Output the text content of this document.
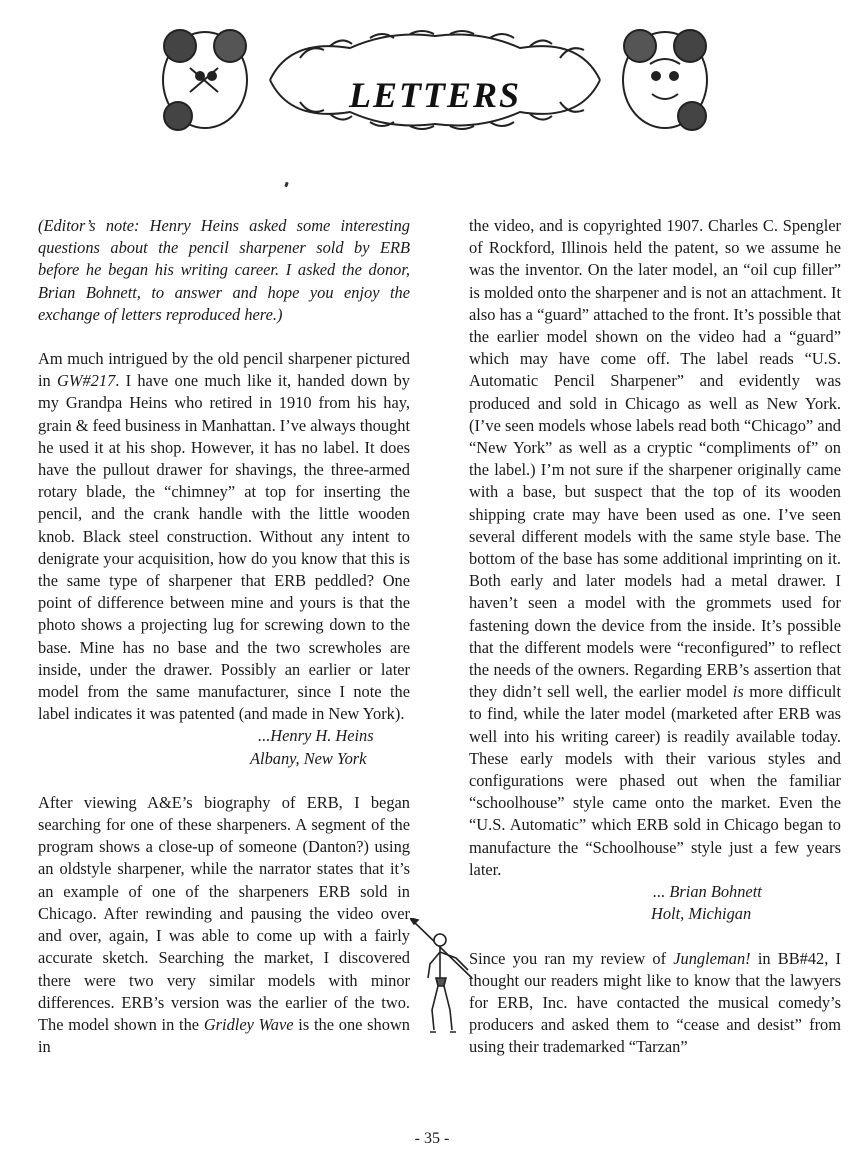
LETTERS

(Editor’s note: Henry Heins asked some interesting questions about the pencil sharpener sold by ERB before he began his writing career. I asked the donor, Brian Bohnett, to answer and hope you enjoy the exchange of letters reproduced here.)

Am much intrigued by the old pencil sharpener pictured in GW#217. I have one much like it, handed down by my Grandpa Heins who retired in 1910 from his hay, grain & feed business in Manhattan. I’ve always thought he used it at his shop. However, it has no label. It does have the pullout drawer for shavings, the three-armed rotary blade, the “chimney” at top for inserting the pencil, and the crank handle with the little wooden knob. Black steel construction. Without any intent to denigrate your acquisition, how do you know that this is the same type of sharpener that ERB peddled? One point of difference between mine and yours is that the photo shows a projecting lug for screwing down to the base. Mine has no base and the two screwholes are inside, under the drawer. Possibly an earlier or later model from the same manufacturer, since I note the label indicates it was patented (and made in New York).

...Henry H. Heins

Albany, New York

After viewing A&E’s biography of ERB, I began searching for one of these sharpeners. A segment of the program shows a close-up of someone (Danton?) using an oldstyle sharpener, while the narrator states that it’s an example of one of the sharpeners ERB sold in Chicago. After rewinding and pausing the video over and over, again, I was able to come up with a fairly accurate sketch. Searching the market, I discovered there were two very similar models with minor differences. ERB’s version was the earlier of the two. The model shown in the Gridley Wave is the one shown in

the video, and is copyrighted 1907. Charles C. Spengler of Rockford, Illinois held the patent, so we assume he was the inventor. On the later model, an “oil cup filler” is molded onto the sharpener and is not an attachment. It also has a “guard” attached to the front. It’s possible that the earlier model shown on the video had a “guard” which may have come off. The label reads “U.S. Automatic Pencil Sharpener” and evidently was produced and sold in Chicago as well as New York. (I’ve seen models whose labels read both “Chicago” and “New York” as well as a cryptic “compliments of” on the label.) I’m not sure if the sharpener originally came with a base, but suspect that the top of its wooden shipping crate may have been used as one. I’ve seen several different models with the same style base. The bottom of the base has some additional imprinting on it. Both early and later models had a metal drawer. I haven’t seen a model with the grommets used for fastening down the device from the inside. It’s possible that the different models were “reconfigured” to reflect the needs of the owners. Regarding ERB’s assertion that they didn’t sell well, the earlier model is more difficult to find, while the later model (marketed after ERB was well into his writing career) is readily available today. These early models with their various styles and configurations were phased out when the familiar “schoolhouse” style came onto the market. Even the “U.S. Automatic” which ERB sold in Chicago began to manufacture the “Schoolhouse” style just a few years later.

... Brian Bohnett

Holt, Michigan

Since you ran my review of Jungleman! in BB#42, I thought our readers might like to know that the lawyers for ERB, Inc. have contacted the musical comedy’s producers and asked them to “cease and desist” from using their trademarked “Tarzan”

- 35 -
